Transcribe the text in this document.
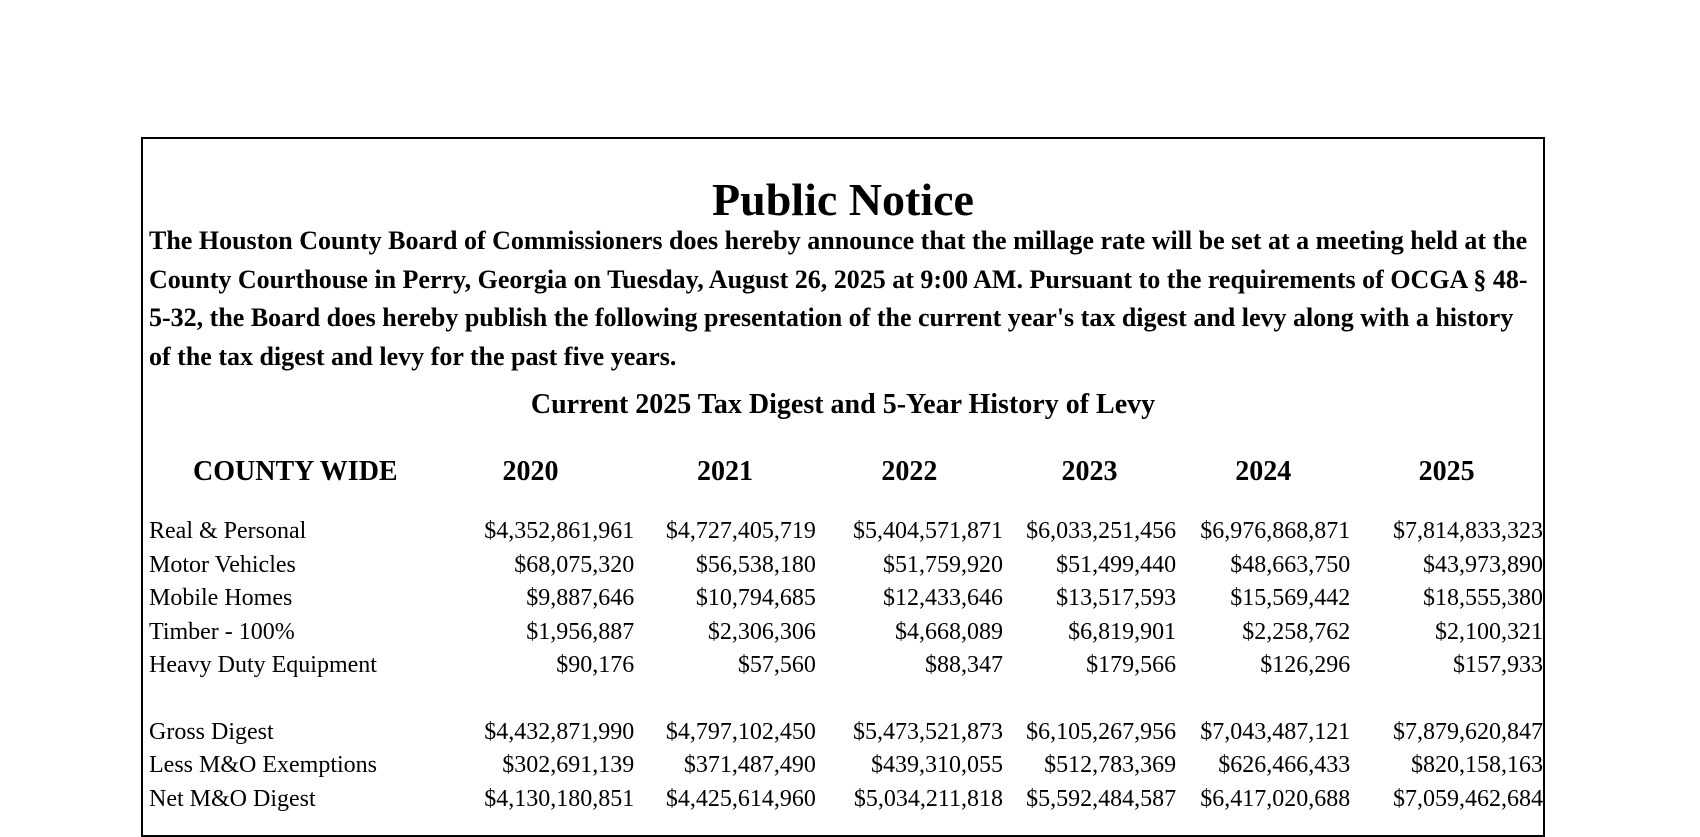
Public Notice

The Houston County Board of Commissioners does hereby announce that the millage rate will be set at a meeting held at the County Courthouse in Perry, Georgia on Tuesday, August 26, 2025 at 9:00 AM. Pursuant to the requirements of OCGA § 48-5-32, the Board does hereby publish the following presentation of the current year's tax digest and levy along with a history of the tax digest and levy for the past five years.

Current 2025 Tax Digest and 5-Year History of Levy
COUNTY WIDE	2020	2021	2022	2023	2024	2025

Real & Personal	$4,352,861,961	$4,727,405,719	$5,404,571,871	$6,033,251,456	$6,976,868,871	$7,814,833,323
Motor Vehicles	$68,075,320	$56,538,180	$51,759,920	$51,499,440	$48,663,750	$43,973,890
Mobile Homes	$9,887,646	$10,794,685	$12,433,646	$13,517,593	$15,569,442	$18,555,380
Timber - 100%	$1,956,887	$2,306,306	$4,668,089	$6,819,901	$2,258,762	$2,100,321
Heavy Duty Equipment	$90,176	$57,560	$88,347	$179,566	$126,296	$157,933

Gross Digest	$4,432,871,990	$4,797,102,450	$5,473,521,873	$6,105,267,956	$7,043,487,121	$7,879,620,847
Less M&O Exemptions	$302,691,139	$371,487,490	$439,310,055	$512,783,369	$626,466,433	$820,158,163
Net M&O Digest	$4,130,180,851	$4,425,614,960	$5,034,211,818	$5,592,484,587	$6,417,020,688	$7,059,462,684
